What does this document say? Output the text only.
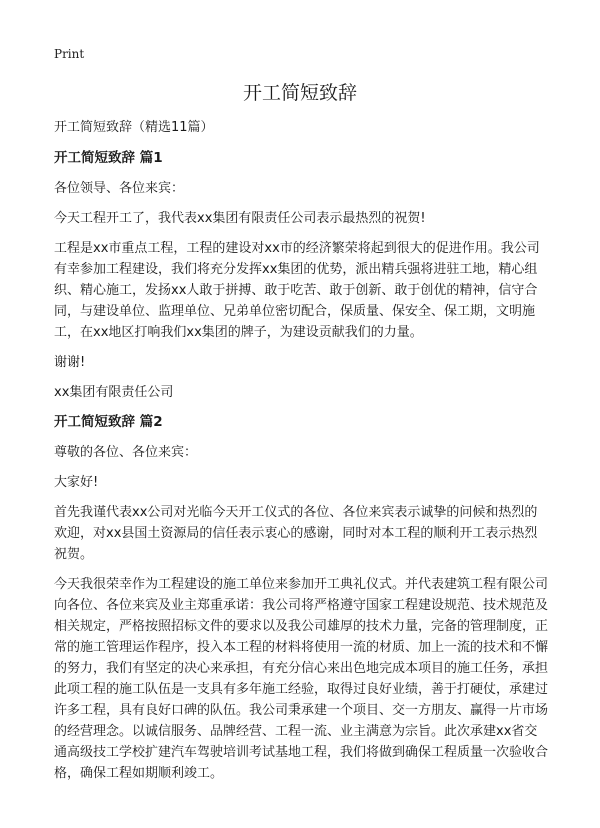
Print
开工简短致辞

开工简短致辞（精选11篇）

开工简短致辞 篇1

各位领导、各位来宾：

今天工程开工了，我代表xx集团有限责任公司表示最热烈的祝贺!

工程是xx市重点工程，工程的建设对xx市的经济繁荣将起到很大的促进作用。我公司有幸参加工程建设，我们将充分发挥xx集团的优势，派出精兵强将进驻工地，精心组织、精心施工，发扬xx人敢于拼搏、敢于吃苦、敢于创新、敢于创优的精神，信守合同，与建设单位、监理单位、兄弟单位密切配合，保质量、保安全、保工期，文明施工，在xx地区打响我们xx集团的牌子，为建设贡献我们的力量。

谢谢!

xx集团有限责任公司

开工简短致辞 篇2

尊敬的各位、各位来宾：

大家好!

首先我谨代表xx公司对光临今天开工仪式的各位、各位来宾表示诚挚的问候和热烈的欢迎，对xx县国土资源局的信任表示衷心的感谢，同时对本工程的顺利开工表示热烈祝贺。

今天我很荣幸作为工程建设的施工单位来参加开工典礼仪式。并代表建筑工程有限公司向各位、各位来宾及业主郑重承诺：我公司将严格遵守国家工程建设规范、技术规范及相关规定，严格按照招标文件的要求以及我公司雄厚的技术力量，完备的管理制度，正常的施工管理运作程序，投入本工程的材料将使用一流的材质、加上一流的技术和不懈的努力，我们有坚定的决心来承担，有充分信心来出色地完成本项目的施工任务，承担此项工程的施工队伍是一支具有多年施工经验，取得过良好业绩，善于打硬仗，承建过许多工程，具有良好口碑的队伍。我公司秉承建一个项目、交一方朋友、赢得一片市场的经营理念。以诚信服务、品牌经营、工程一流、业主满意为宗旨。此次承建xx省交通高级技工学校扩建汽车驾驶培训考试基地工程，我们将做到确保工程质量一次验收合格，确保工程如期顺利竣工。
